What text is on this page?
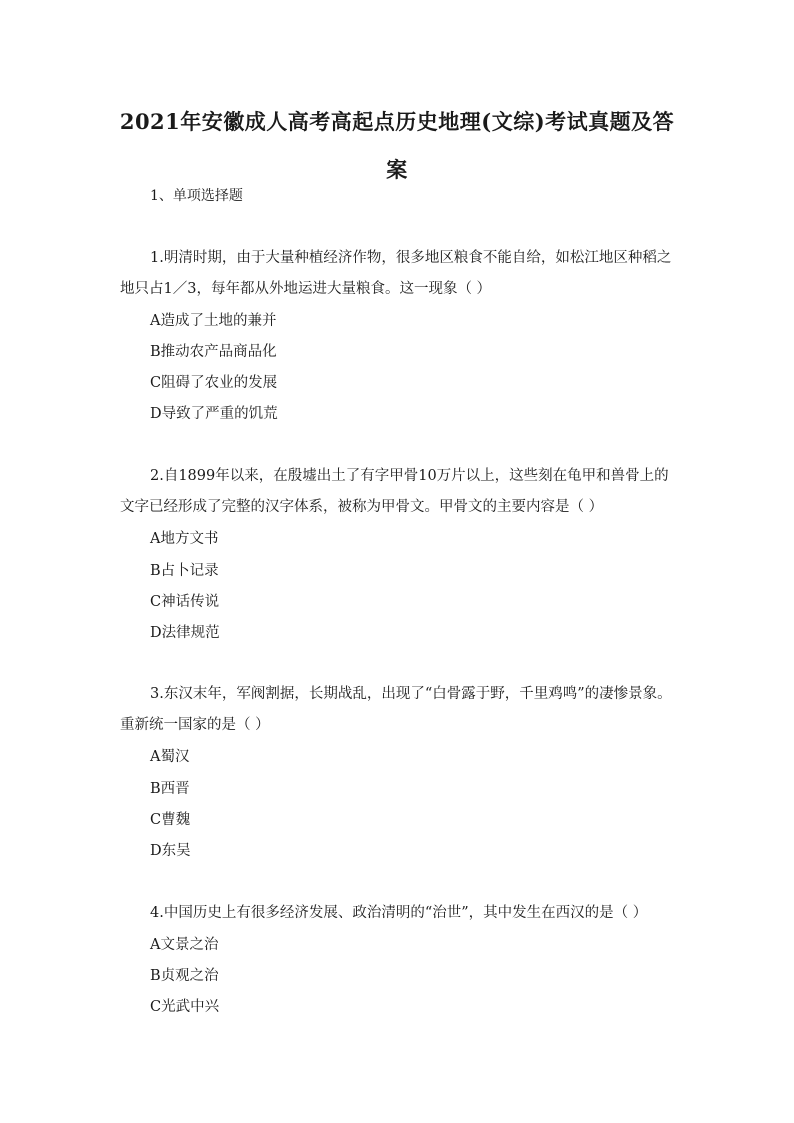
2021年安徽成人高考高起点历史地理(文综)考试真题及答案
1、单项选择题
1.明清时期，由于大量种植经济作物，很多地区粮食不能自给，如松江地区种稻之地只占1／3，每年都从外地运进大量粮食。这一现象（ ）
A造成了土地的兼并
B推动农产品商品化
C阻碍了农业的发展
D导致了严重的饥荒
2.自1899年以来，在殷墟出土了有字甲骨10万片以上，这些刻在龟甲和兽骨上的文字已经形成了完整的汉字体系，被称为甲骨文。甲骨文的主要内容是（ ）
A地方文书
B占卜记录
C神话传说
D法律规范
3.东汉末年，军阀割据，长期战乱，出现了“白骨露于野，千里鸡鸣”的凄惨景象。重新统一国家的是（ ）
A蜀汉
B西晋
C曹魏
D东吴
4.中国历史上有很多经济发展、政治清明的“治世”，其中发生在西汉的是（ ）
A文景之治
B贞观之治
C光武中兴
